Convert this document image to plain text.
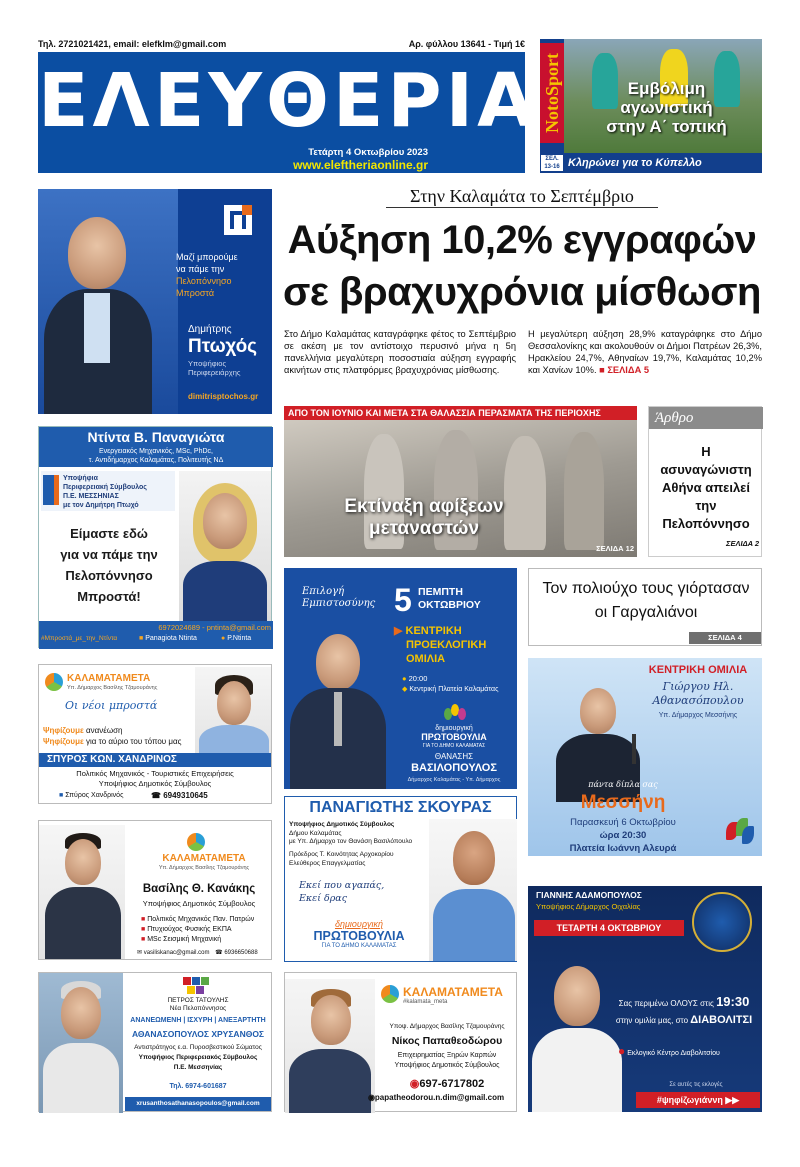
Τηλ. 2721021421, email: elefklm@gmail.com	Αρ. φύλλου 13641 - Τιμή 1€
ΕΛΕΥΘΕΡΙΑ
Τετάρτη 4 Οκτωβρίου 2023
www.eleftheriaonline.gr
Εμβόλιμη
αγωνιστική
στην Α΄ τοπική
NotoSport
ΣΕΛ. 13-16 Κληρώνει για το Κύπελλο Μεσσηνίας
Στην Καλαμάτα το Σεπτέμβριο
Αύξηση 10,2% εγγραφών
σε βραχυχρόνια μίσθωση
Στο Δήμο Καλαμάτας καταγράφηκε φέτος το Σεπτέμβριο σε ακέση με τον αντίστοιχο περυσινό μήνα η 5η πανελλήνια μεγαλύτερη ποσοστιαία αύξηση εγγραφής ακινήτων στις πλατφόρμες βραχυχρόνιας μίσθωσης.
Η μεγαλύτερη αύξηση 28,9% καταγράφηκε στο Δήμο Θεσσαλονίκης και ακολουθούν οι Δήμοι Πατρέων 26,3%, Ηρακλείου 24,7%, Αθηναίων 19,7%, Καλαμάτας 10,2% και Χανίων 10%. ■ ΣΕΛΙΔΑ 5
ΑΠΟ ΤΟΝ ΙΟΥΝΙΟ ΚΑΙ ΜΕΤΑ ΣΤΑ ΘΑΛΑΣΣΙΑ ΠΕΡΑΣΜΑΤΑ ΤΗΣ ΠΕΡΙΟΧΗΣ
Εκτίναξη αφίξεων
μεταναστών
ΣΕΛΙΔΑ 12
Άρθρο
Η ασυναγώνιστη Αθήνα απειλεί την Πελοπόννησο
ΣΕΛΙΔΑ 2
Τον πολιούχο τους γιόρτασαν οι Γαργαλιάνοι
ΣΕΛΙΔΑ 4
Μαζί μπορούμε
να πάμε την
Πελοπόννησο
Μπροστά
Δημήτρης
Πτωχός
Υποψήφιος
Περιφερειάρχης
dimitrisptochos.gr
Ντίντα Β. Παναγιώτα
Ενεργειακός Μηχανικός, MSc, PhDc,
τ. Αντιδήμαρχος Καλαμάτας, Πολιτευτής ΝΔ
Υποψήφια
Περιφερειακή Σύμβουλος
Π.Ε. ΜΕΣΣΗΝΙΑΣ
με τον Δημήτρη Πτωχό
Είμαστε εδώ
για να πάμε την
Πελοπόννησο
Μπροστά!
6972024689 - pntinta@gmail.com
#Μπροστά_με_την_Ντίντα	■ Panagiota Ntinta	● P.Ntinta
ΚΑΛΑΜΑΤΑΜΕΤΑ
Υπ. Δήμαρχος Βασίλης Τζαμουράνης
Οι νέοι μπροστά
Ψηφίζουμε ανανέωση
Ψηφίζουμε για το αύριο του τόπου μας
ΣΠΥΡΟΣ ΚΩΝ. ΧΑΝΔΡΙΝΟΣ
Πολιτικός Μηχανικός - Τουριστικές Επιχειρήσεις
Υποψήφιος Δημοτικός Σύμβουλος
■ Σπύρος Χανδρινός	☎ 6949310645
ΚΑΛΑΜΑΤΑΜΕΤΑ
Υπ. Δήμαρχος Βασίλης Τζαμουράνης
Βασίλης Θ. Κανάκης
Υποψήφιος Δημοτικός Σύμβουλος
■ Πολιτικός Μηχανικός Παν. Πατρών
■ Πτυχιούχος Φυσικής ΕΚΠΑ
■ MSc Σεισμική Μηχανική
✉ vasiliskanac@gmail.com ☎ 6936650688
ΠΕΤΡΟΣ ΤΑΤΟΥΛΗΣ
Νέα Πελοπόννησος
ΑΝΑΝΕΩΜΕΝΗ | ΙΣΧΥΡΗ | ΑΝΕΞΑΡΤΗΤΗ
ΑΘΑΝΑΣΟΠΟΥΛΟΣ ΧΡΥΣΑΝΘΟΣ
Αντιστράτηγος ε.α. Πυροσβεστικού Σώματος
Υποψήφιος Περιφερειακός Σύμβουλος
Π.Ε. Μεσσηνίας
Τηλ. 6974-601687
xrusanthosathanasopoulos@gmail.com
Επιλογή Εμπιστοσύνης 5 ΠΕΜΠΤΗ
ΟΚΤΩΒΡΙΟΥ
▶ ΚΕΝΤΡΙΚΗ
ΠΡΟΕΚΛΟΓΙΚΗ
ΟΜΙΛΙΑ
● 20:00
◆ Κεντρική Πλατεία Καλαμάτας
δημιουργική
ΠΡΩΤΟΒΟΥΛΙΑ
ΓΙΑ ΤΟ ΔΗΜΟ ΚΑΛΑΜΑΤΑΣ
ΘΑΝΑΣΗΣ
ΒΑΣΙΛΟΠΟΥΛΟΣ
Δήμαρχος Καλαμάτας - Υπ. Δήμαρχος
ΠΑΝΑΓΙΩΤΗΣ ΣΚΟΥΡΑΣ
Υποψήφιος Δημοτικός Σύμβουλος
Δήμου Καλαμάτας
με Υπ. Δήμαρχο τον Θανάση Βασιλόπουλο
Πρόεδρος Τ. Κοινότητας Αρχοκορίου
Ελεύθερος Επαγγελματίας
Εκεί που αγαπάς,
Εκεί δρας
δημιουργική
ΠΡΩΤΟΒΟΥΛΙΑ
ΓΙΑ ΤΟ ΔΗΜΟ ΚΑΛΑΜΑΤΑΣ
ΚΑΛΑΜΑΤΑΜΕΤΑ
#kalamata_meta
Υποψ. Δήμαρχος Βασίλης Τζαμουράνης
Νίκος Παπαθεοδώρου
Επιχειρηματίας Ξηρών Καρπών
Υποψήφιος Δημοτικός Σύμβουλος
◉697-6717802
◉papatheodorou.n.dim@gmail.com
ΚΕΝΤΡΙΚΗ ΟΜΙΛΙΑ
Γιώργου Ηλ.
Αθανασόπουλου
Υπ. Δήμαρχος Μεσσήνης
πάντα δίπλα σας
Μεσσήνη
Παρασκευή 6 Οκτωβρίου
ώρα 20:30
Πλατεία Ιωάννη Αλευρά
ΓΙΑΝΝΗΣ ΑΔΑΜΟΠΟΥΛΟΣ
Υποψήφιος Δήμαρχος Οιχαλίας
ΤΕΤΑΡΤΗ 4 ΟΚΤΩΒΡΙΟΥ
Σας περιμένω ΟΛΟΥΣ στις 19:30
στην ομιλία μας, στο ΔΙΑΒΟΛΙΤΣΙ
● Εκλογικό Κέντρο Διαβολιτσίου
Σε αυτές τις εκλογές
#ψηφίζωγιάννη ▶▶
